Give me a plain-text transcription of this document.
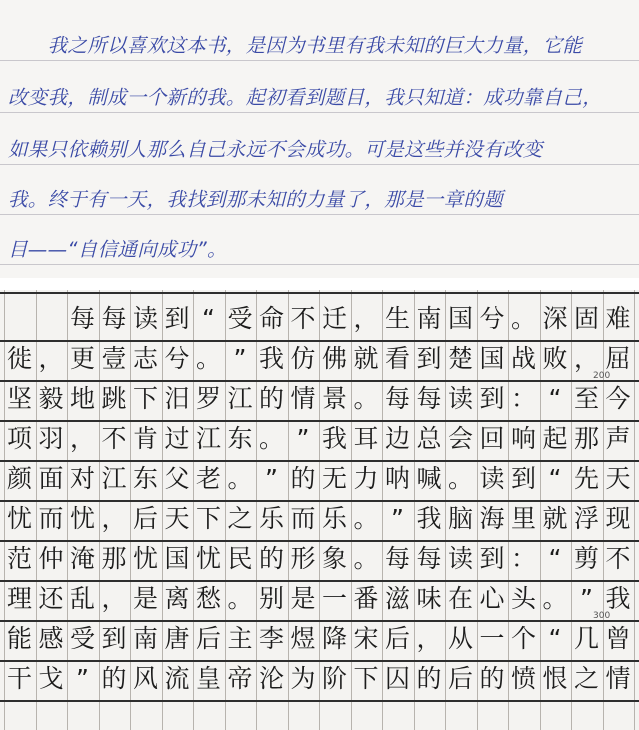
　　我之所以喜欢这本书，是因为书里有我未知的巨大力量，它能
改变我，制成一个新的我。起初看到题目，我只知道：成功靠自己，
如果只依赖别人那么自己永远不会成功。可是这些并没有改变
我。终于有一天，我找到那未知的力量了，那是一章的题
目——“自信通向成功”。

每 每 读 到 “ 受 命 不 迁 ， 生 南 国 兮 。 深 固 难
徙 ， 更 壹 志 兮 。 ” 我 仿 佛 就 看 到 楚 国 战 败 ， 屈
坚 毅 地 跳 下 汨 罗 江 的 情 景 。 每 每 读 到 ： “ 至 今
项 羽 ， 不 肯 过 江 东 。 ” 我 耳 边 总 会 回 响 起 那 声
颜 面 对 江 东 父 老 。 ” 的 无 力 呐 喊 。 读 到 “ 先 天
忧 而 忧 ， 后 天 下 之 乐 而 乐 。 ” 我 脑 海 里 就 浮 现
范 仲 淹 那 忧 国 忧 民 的 形 象 。 每 每 读 到 ： “ 剪 不
理 还 乱 ， 是 离 愁 。 别 是 一 番 滋 味 在 心 头 。 ” 我
能 感 受 到 南 唐 后 主 李 煜 降 宋 后 ， 从 一 个 “ 几 曾
干 戈 ” 的 风 流 皇 帝 沦 为 阶 下 囚 的 后 的 愤 恨 之 情
200
300
